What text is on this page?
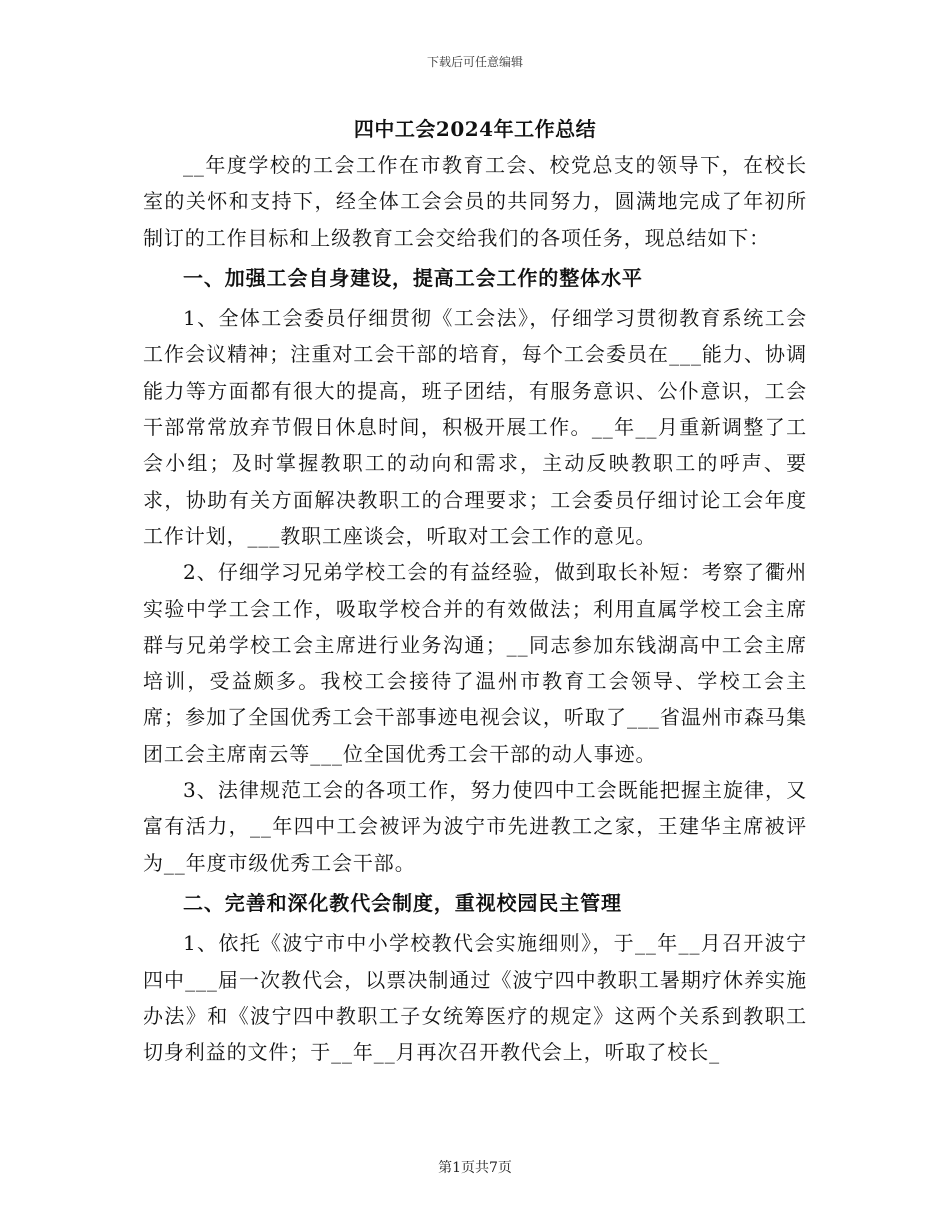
下载后可任意编辑
四中工会2024年工作总结

__年度学校的工会工作在市教育工会、校党总支的领导下，在校长室的关怀和支持下，经全体工会会员的共同努力，圆满地完成了年初所制订的工作目标和上级教育工会交给我们的各项任务，现总结如下：

一、加强工会自身建设，提高工会工作的整体水平

1、全体工会委员仔细贯彻《工会法》，仔细学习贯彻教育系统工会工作会议精神；注重对工会干部的培育，每个工会委员在___能力、协调能力等方面都有很大的提高，班子团结，有服务意识、公仆意识，工会干部常常放弃节假日休息时间，积极开展工作。__年__月重新调整了工会小组；及时掌握教职工的动向和需求，主动反映教职工的呼声、要求，协助有关方面解决教职工的合理要求；工会委员仔细讨论工会年度工作计划，___教职工座谈会，听取对工会工作的意见。

2、仔细学习兄弟学校工会的有益经验，做到取长补短：考察了衢州实验中学工会工作，吸取学校合并的有效做法；利用直属学校工会主席群与兄弟学校工会主席进行业务沟通；__同志参加东钱湖高中工会主席培训，受益颇多。我校工会接待了温州市教育工会领导、学校工会主席；参加了全国优秀工会干部事迹电视会议，听取了___省温州市森马集团工会主席南云等___位全国优秀工会干部的动人事迹。

3、法律规范工会的各项工作，努力使四中工会既能把握主旋律，又富有活力，__年四中工会被评为波宁市先进教工之家，王建华主席被评为__年度市级优秀工会干部。

二、完善和深化教代会制度，重视校园民主管理

1、依托《波宁市中小学校教代会实施细则》，于__年__月召开波宁四中___届一次教代会，以票决制通过《波宁四中教职工暑期疗休养实施办法》和《波宁四中教职工子女统筹医疗的规定》这两个关系到教职工切身利益的文件；于__年__月再次召开教代会上，听取了校长_

第1页共7页
